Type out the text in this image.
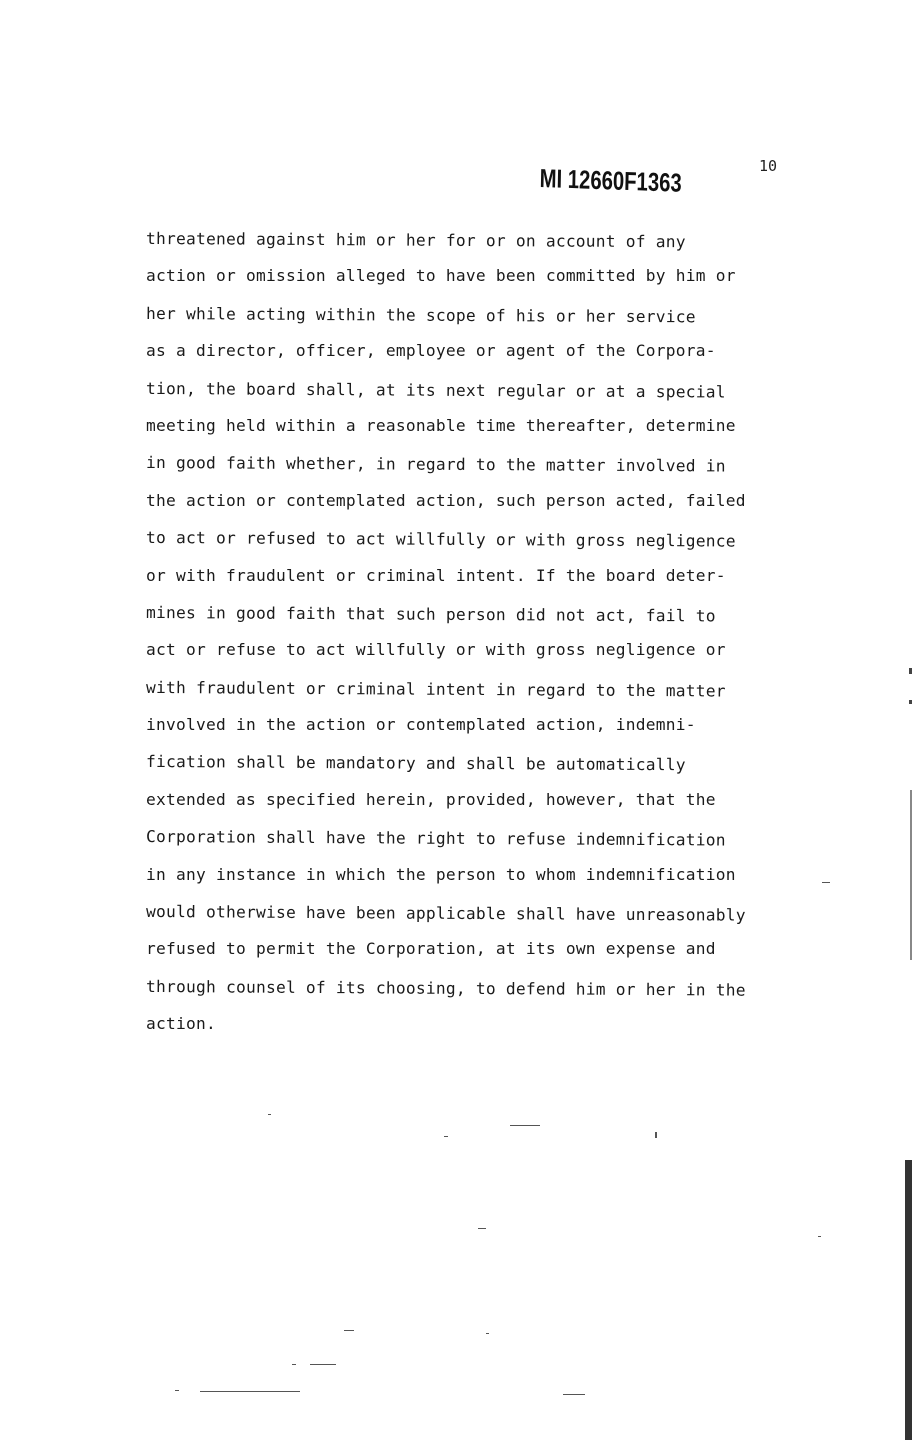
MI 12660F1363	10
threatened against him or her for or on account of any
action or omission alleged to have been committed by him or
her while acting within the scope of his or her service
as a director, officer, employee or agent of the Corpora-
tion, the board shall, at its next regular or at a special
meeting held within a reasonable time thereafter, determine
in good faith whether, in regard to the matter involved in
the action or contemplated action, such person acted, failed
to act or refused to act willfully or with gross negligence
or with fraudulent or criminal intent. If the board deter-
mines in good faith that such person did not act, fail to
act or refuse to act willfully or with gross negligence or
with fraudulent or criminal intent in regard to the matter
involved in the action or contemplated action, indemni-
fication shall be mandatory and shall be automatically
extended as specified herein, provided, however, that the
Corporation shall have the right to refuse indemnification
in any instance in which the person to whom indemnification
would otherwise have been applicable shall have unreasonably
refused to permit the Corporation, at its own expense and
through counsel of its choosing, to defend him or her in the
action.
